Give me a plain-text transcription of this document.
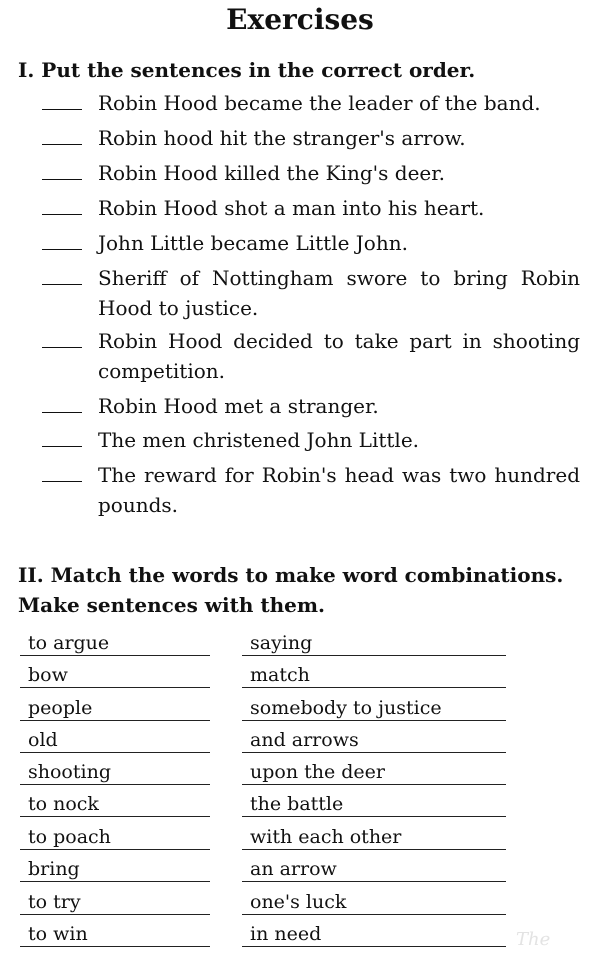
Exercises
I. Put the sentences in the correct order.
Robin Hood became the leader of the band.
Robin hood hit the stranger's arrow.
Robin Hood killed the King's deer.
Robin Hood shot a man into his heart.
John Little became Little John.
Sheriff of Nottingham swore to bring Robin Hood to justice.
Robin Hood decided to take part in shooting competition.
Robin Hood met a stranger.
The men christened John Little.
The reward for Robin's head was two hundred pounds.
II. Match the words to make word combinations. Make sentences with them.
to argue	saying
bow	match
people	somebody to justice
old	and arrows
shooting	upon the deer
to nock	the battle
to poach	with each other
bring	an arrow
to try	one's luck
to win	in need	The
